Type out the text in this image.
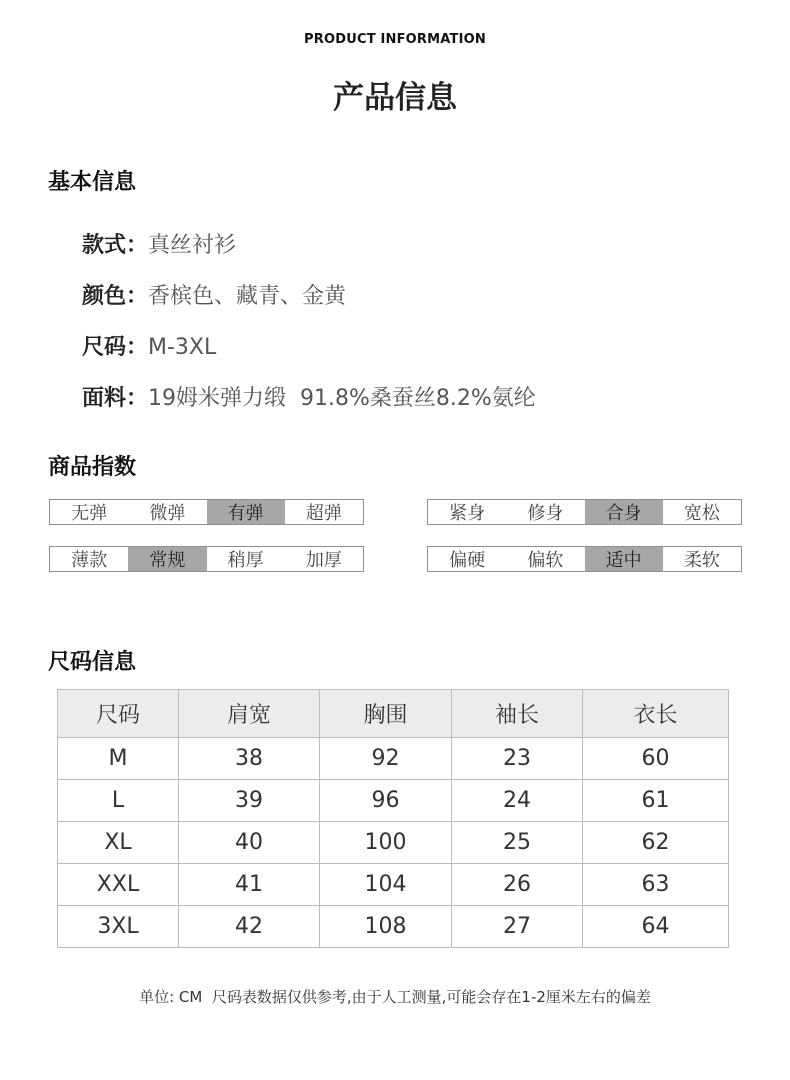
PRODUCT INFORMATION
产品信息
基本信息
款式：真丝衬衫
颜色：香槟色、藏青、金黄
尺码：M-3XL
面料：19姆米弹力缎  91.8%桑蚕丝8.2%氨纶
商品指数
无弹 微弹	有弹	超弹	紧身 修身	合身	宽松
薄款	常规	稍厚 加厚	偏硬 偏软	适中	柔软
尺码信息
尺码	肩宽	胸围	袖长	衣长
M	38	92	23	60
L	39	96	24	61
XL	40	100	25	62
XXL	41	104	26	63
3XL	42	108	27	64
单位: CM  尺码表数据仅供参考,由于人工测量,可能会存在1-2厘米左右的偏差
